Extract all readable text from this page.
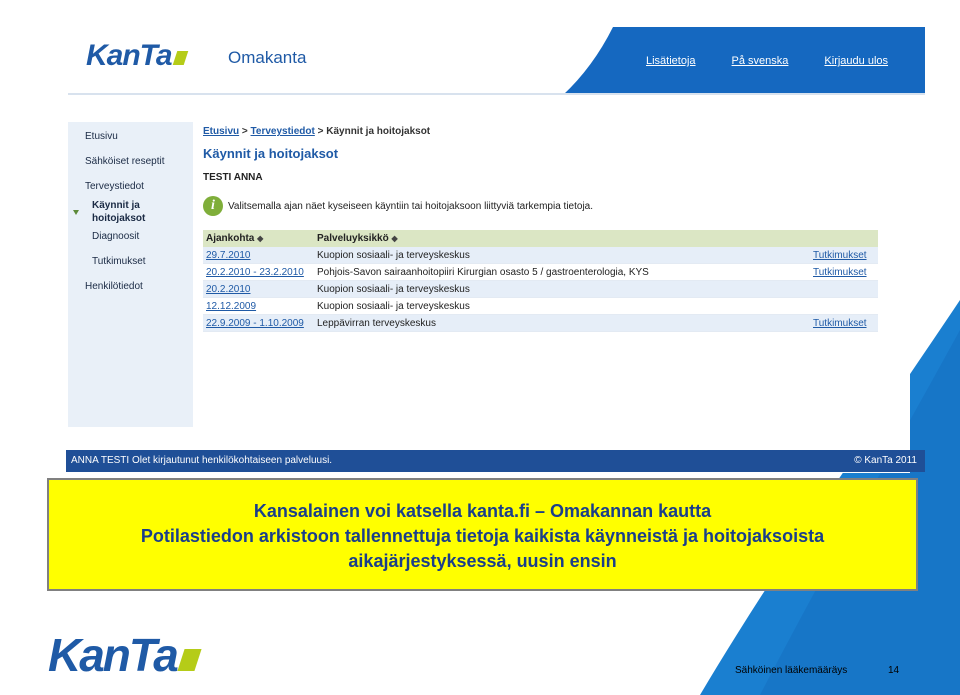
KanTa	Omakanta	Lisätietoja	På svenska	Kirjaudu ulos
Etusivu
Sähköiset reseptit
Terveystiedot
Käynnit ja hoitojaksot
Diagnoosit
Tutkimukset
Henkilötiedot
Etusivu > Terveystiedot > Käynnit ja hoitojaksot
Käynnit ja hoitojaksot
TESTI ANNA
i	Valitsemalla ajan näet kyseiseen käyntiin tai hoitojaksoon liittyviä tarkempia tietoja.
Ajankohta ◆	Palveluyksikkö ◆	
29.7.2010	Kuopion sosiaali- ja terveyskeskus	Tutkimukset
20.2.2010 - 23.2.2010	Pohjois-Savon sairaanhoitopiiri Kirurgian osasto 5 / gastroenterologia, KYS	Tutkimukset
20.2.2010	Kuopion sosiaali- ja terveyskeskus	
12.12.2009	Kuopion sosiaali- ja terveyskeskus	
22.9.2009 - 1.10.2009	Leppävirran terveyskeskus	Tutkimukset
ANNA TESTI Olet kirjautunut henkilökohtaiseen palveluusi.	© KanTa 2011
Kansalainen voi katsella kanta.fi – Omakannan kautta
Potilastiedon arkistoon tallennettuja tietoja kaikista käynneistä ja hoitojaksoista
aikajärjestyksessä, uusin ensin
KanTa	Sähköinen lääkemääräys	14
